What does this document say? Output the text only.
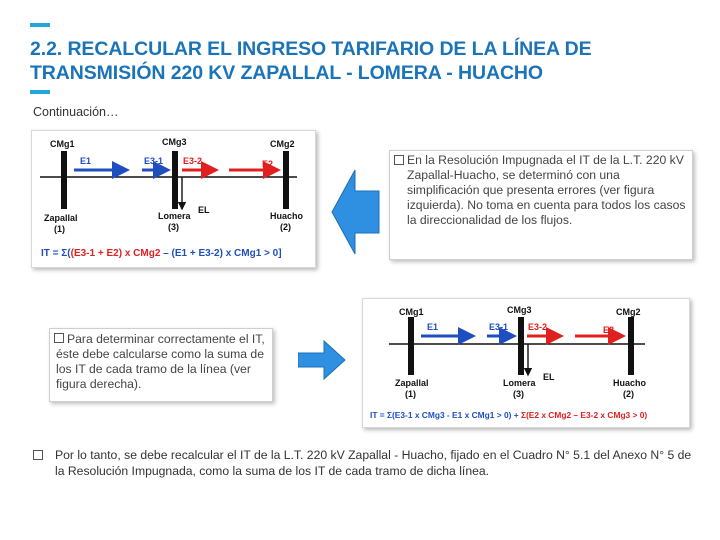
2.2. RECALCULAR EL INGRESO TARIFARIO DE LA LÍNEA DE TRANSMISIÓN 220 KV ZAPALLAL - LOMERA - HUACHO
Continuación…
CMg1	CMg3	CMg2
E1	E3-1 E3-2	E2
EL
Zapallal
(1)
Lomera
(3)
Huacho
(2)
IT = Σ((E3-1 + E2) x CMg2 – (E1 + E3-2) x CMg1 > 0]
En la Resolución Impugnada el IT de la L.T. 220 kV Zapallal-Huacho, se determinó con una simplificación que presenta errores (ver figura izquierda). No toma en cuenta para todos los casos la direccionalidad de los flujos.
Para determinar correctamente el IT, éste debe calcularse como la suma de los IT de cada tramo de la línea (ver figura derecha).
CMg1	CMg3	CMg2
E1	E3-1 E3-2	E2
EL
Zapallal
(1)
Lomera
(3)
Huacho
(2)
IT = Σ(E3-1 x CMg3 - E1 x CMg1 > 0) + Σ(E2 x CMg2 – E3-2 x CMg3 > 0)
Por lo tanto, se debe recalcular el IT de la L.T. 220 kV Zapallal - Huacho, fijado en el Cuadro N° 5.1 del Anexo N° 5 de la Resolución Impugnada, como la suma de los IT de cada tramo de dicha línea.
